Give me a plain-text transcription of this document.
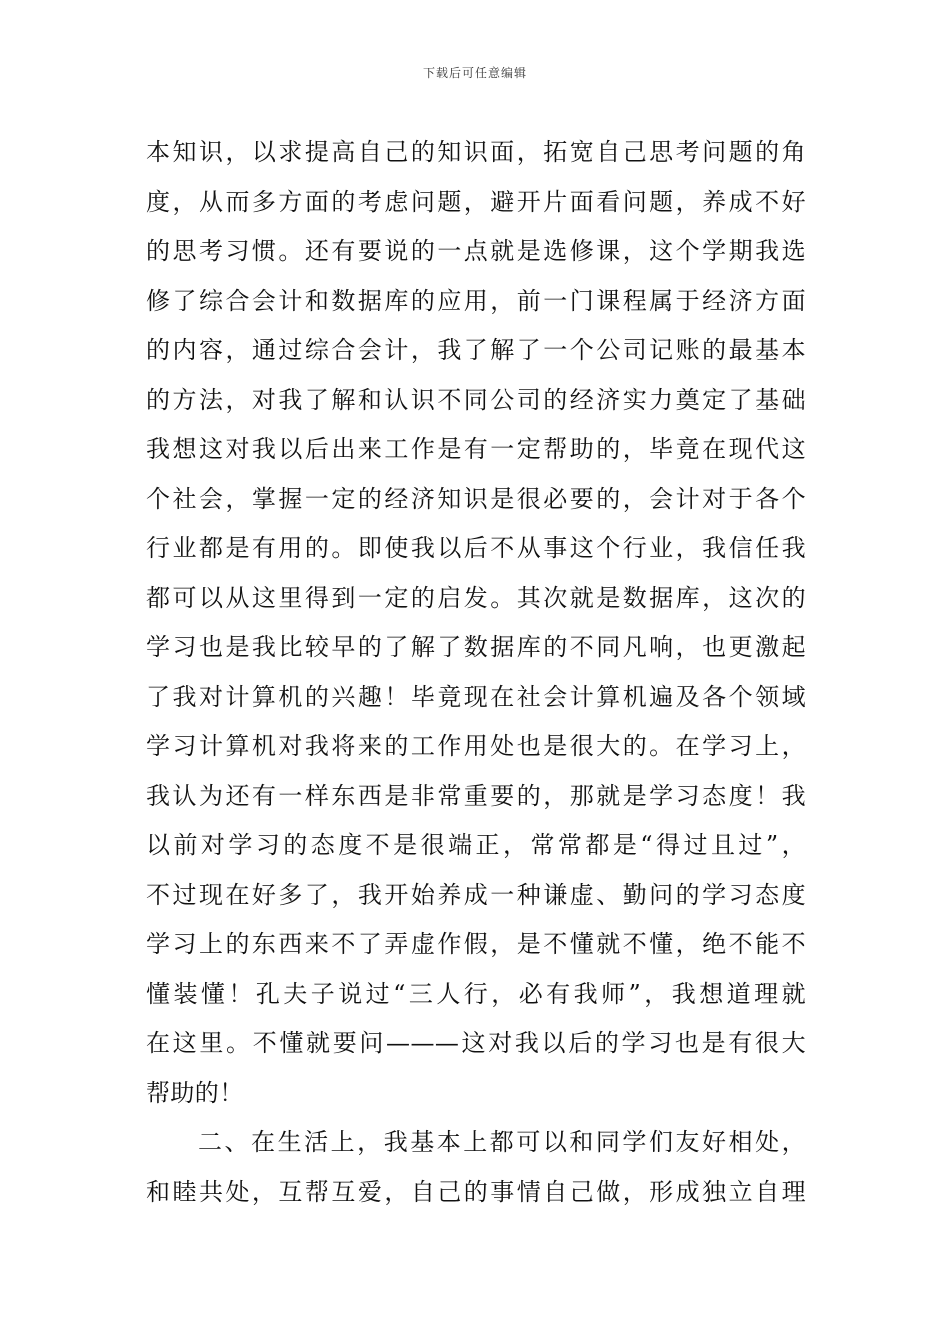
下载后可任意编辑
本知识，以求提高自己的知识面，拓宽自己思考问题的角
度，从而多方面的考虑问题，避开片面看问题，养成不好
的思考习惯。还有要说的一点就是选修课，这个学期我选
修了综合会计和数据库的应用，前一门课程属于经济方面
的内容，通过综合会计，我了解了一个公司记账的最基本
的方法，对我了解和认识不同公司的经济实力奠定了基础
我想这对我以后出来工作是有一定帮助的，毕竟在现代这
个社会，掌握一定的经济知识是很必要的，会计对于各个
行业都是有用的。即使我以后不从事这个行业，我信任我
都可以从这里得到一定的启发。其次就是数据库，这次的
学习也是我比较早的了解了数据库的不同凡响，也更激起
了我对计算机的兴趣！毕竟现在社会计算机遍及各个领域
学习计算机对我将来的工作用处也是很大的。在学习上，
我认为还有一样东西是非常重要的，那就是学习态度！我
以前对学习的态度不是很端正，常常都是“得过且过”，
不过现在好多了，我开始养成一种谦虚、勤问的学习态度
学习上的东西来不了弄虚作假，是不懂就不懂，绝不能不
懂装懂！孔夫子说过“三人行，必有我师”，我想道理就
在这里。不懂就要问———这对我以后的学习也是有很大
帮助的！
二、在生活上，我基本上都可以和同学们友好相处，
和睦共处，互帮互爱，自己的事情自己做，形成独立自理
